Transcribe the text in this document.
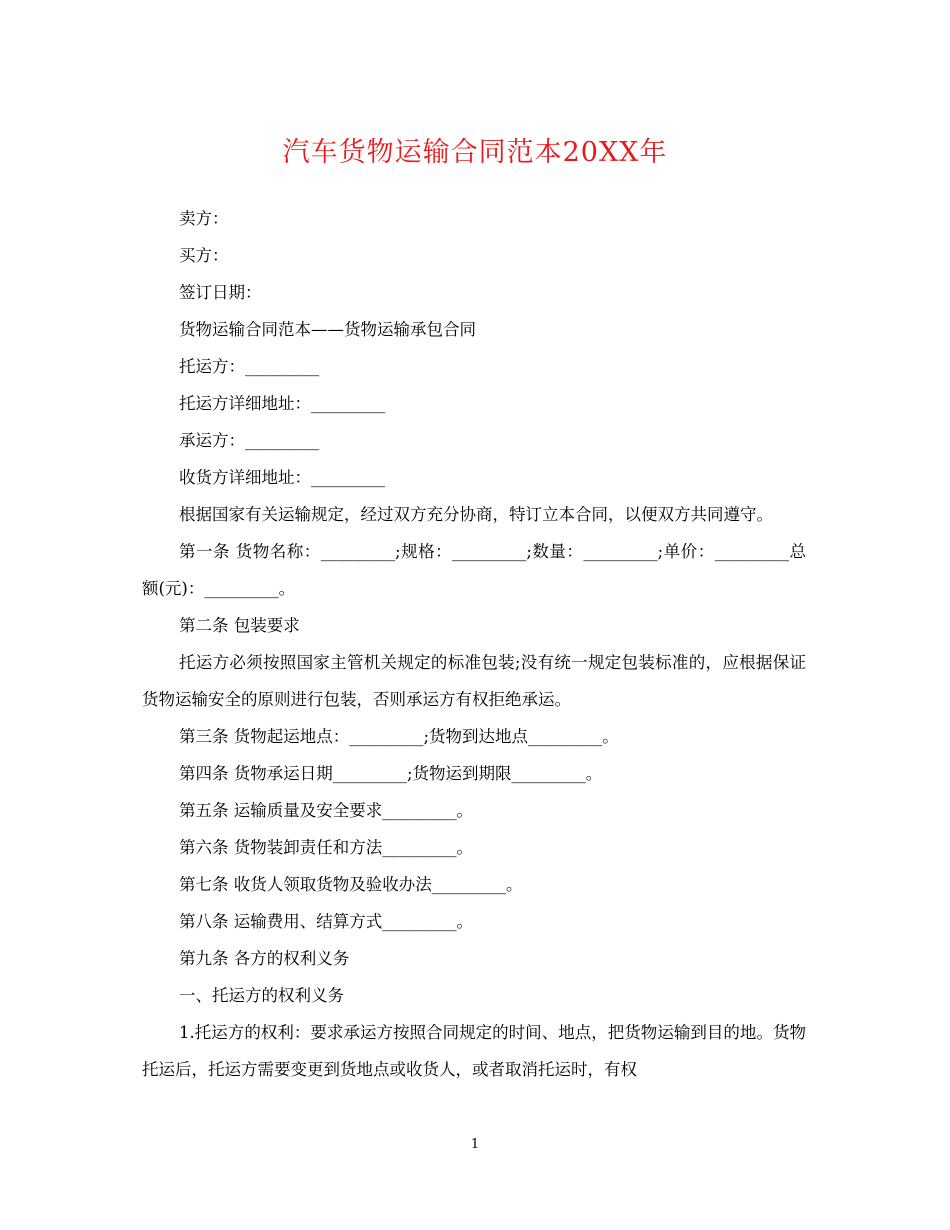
汽车货物运输合同范本20XX年

卖方：

买方：

签订日期：

货物运输合同范本——货物运输承包合同

托运方：_________

托运方详细地址：_________

承运方：_________

收货方详细地址：_________

根据国家有关运输规定，经过双方充分协商，特订立本合同，以便双方共同遵守。

第一条 货物名称：_________;规格：_________;数量：_________;单价：_________总额(元)：_________。

第二条 包装要求

托运方必须按照国家主管机关规定的标准包装;没有统一规定包装标准的，应根据保证货物运输安全的原则进行包装，否则承运方有权拒绝承运。

第三条 货物起运地点：_________;货物到达地点_________。

第四条 货物承运日期_________;货物运到期限_________。

第五条 运输质量及安全要求_________。

第六条 货物装卸责任和方法_________。

第七条 收货人领取货物及验收办法_________。

第八条 运输费用、结算方式_________。

第九条 各方的权利义务

一、托运方的权利义务

1.托运方的权利：要求承运方按照合同规定的时间、地点，把货物运输到目的地。货物托运后，托运方需要变更到货地点或收货人，或者取消托运时，有权

1
